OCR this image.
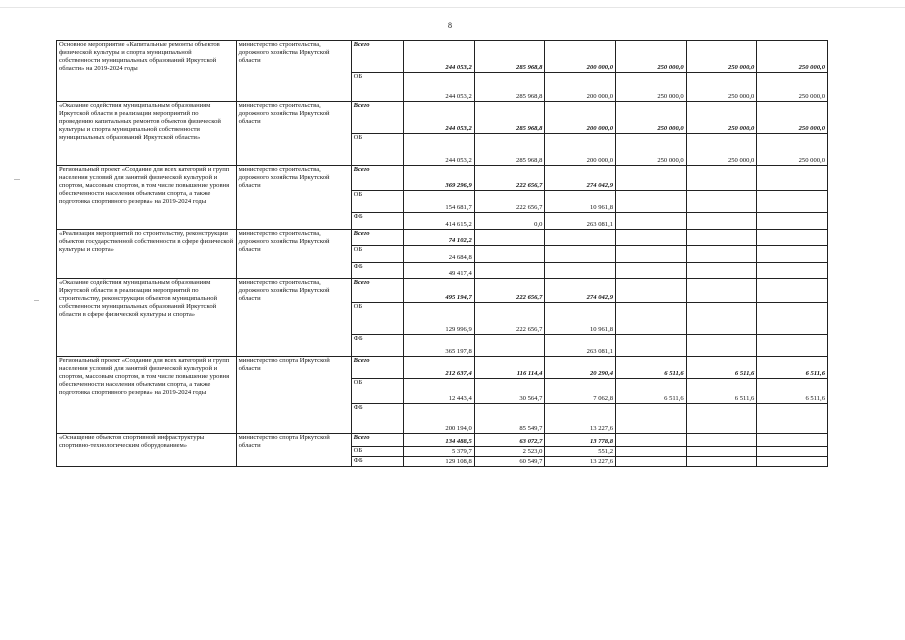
8
Основное мероприятие «Капитальные ремонты объектов физической культуры и спорта муниципальной собственности муниципальных образований Иркутской области» на 2019-2024 годы	министерство строительства, дорожного хозяйства Иркутской области	Всего	244 053,2	285 968,8	200 000,0	250 000,0	250 000,0	250 000,0
		ОБ	244 053,2	285 968,8	200 000,0	250 000,0	250 000,0	250 000,0
«Оказание содействия муниципальным образованиям Иркутской области в реализации мероприятий по проведению капитальных ремонтов объектов физической культуры и спорта муниципальной собственности муниципальных образований Иркутской области»	министерство строительства, дорожного хозяйства Иркутской области	Всего	244 053,2	285 968,8	200 000,0	250 000,0	250 000,0	250 000,0
		ОБ	244 053,2	285 968,8	200 000,0	250 000,0	250 000,0	250 000,0
Региональный проект «Создание для всех категорий и групп населения условий для занятий физической культурой и спортом, массовым спортом, в том числе повышение уровня обеспеченности населения объектами спорта, а также подготовка спортивного резерва» на 2019-2024 годы	министерство строительства, дорожного хозяйства Иркутской области	Всего	369 296,9	222 656,7	274 042,9			
		ОБ	154 681,7	222 656,7	10 961,8			
		ФБ	414 615,2	0,0	263 081,1			
«Реализация мероприятий по строительству, реконструкции объектов государственной собственности в сфере физической культуры и спорта»	министерство строительства, дорожного хозяйства Иркутской области	Всего	74 102,2					
		ОБ	24 684,8					
		ФБ	49 417,4					
«Оказание содействия муниципальным образованиям Иркутской области в реализации мероприятий по строительству, реконструкции объектов муниципальной собственности муниципальных образований Иркутской области в сфере физической культуры и спорта»	министерство строительства, дорожного хозяйства Иркутской области	Всего	495 194,7	222 656,7	274 042,9			
		ОБ	129 996,9	222 656,7	10 961,8			
		ФБ	365 197,8		263 081,1			
Региональный проект «Создание для всех категорий и групп населения условий для занятий физической культурой и спортом, массовым спортом, в том числе повышение уровня обеспеченности населения объектами спорта, а также подготовка спортивного резерва» на 2019-2024 годы	министерство спорта Иркутской области	Всего	212 637,4	116 114,4	20 290,4	6 511,6	6 511,6	6 511,6
		ОБ	12 443,4	30 564,7	7 062,8	6 511,6	6 511,6	6 511,6
		ФБ	200 194,0	85 549,7	13 227,6			
«Оснащение объектов спортивной инфраструктуры спортивно-технологическим оборудованием»	министерство спорта Иркутской области	Всего	134 488,5	63 072,7	13 778,8			
		ОБ	5 379,7	2 523,0	551,2			
		ФБ	129 108,8	60 549,7	13 227,6			
